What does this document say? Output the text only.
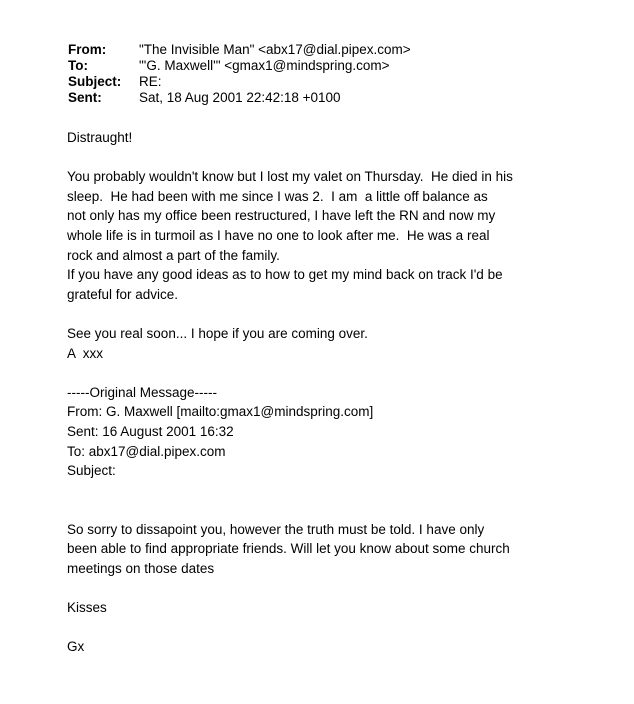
From:	"The Invisible Man" <abx17@dial.pipex.com>
To:	"'G. Maxwell'" <gmax1@mindspring.com>
Subject:	RE:
Sent:	Sat, 18 Aug 2001 22:42:18 +0100
Distraught!
You probably wouldn't know but I lost my valet on Thursday.  He died in his
sleep.  He had been with me since I was 2.  I am  a little off balance as
not only has my office been restructured, I have left the RN and now my
whole life is in turmoil as I have no one to look after me.  He was a real
rock and almost a part of the family.
If you have any good ideas as to how to get my mind back on track I'd be
grateful for advice.
See you real soon... I hope if you are coming over.
A  xxx
-----Original Message-----
From: G. Maxwell [mailto:gmax1@mindspring.com]
Sent: 16 August 2001 16:32
To: abx17@dial.pipex.com
Subject:
So sorry to dissapoint you, however the truth must be told. I have only
been able to find appropriate friends. Will let you know about some church
meetings on those dates
Kisses
Gx
